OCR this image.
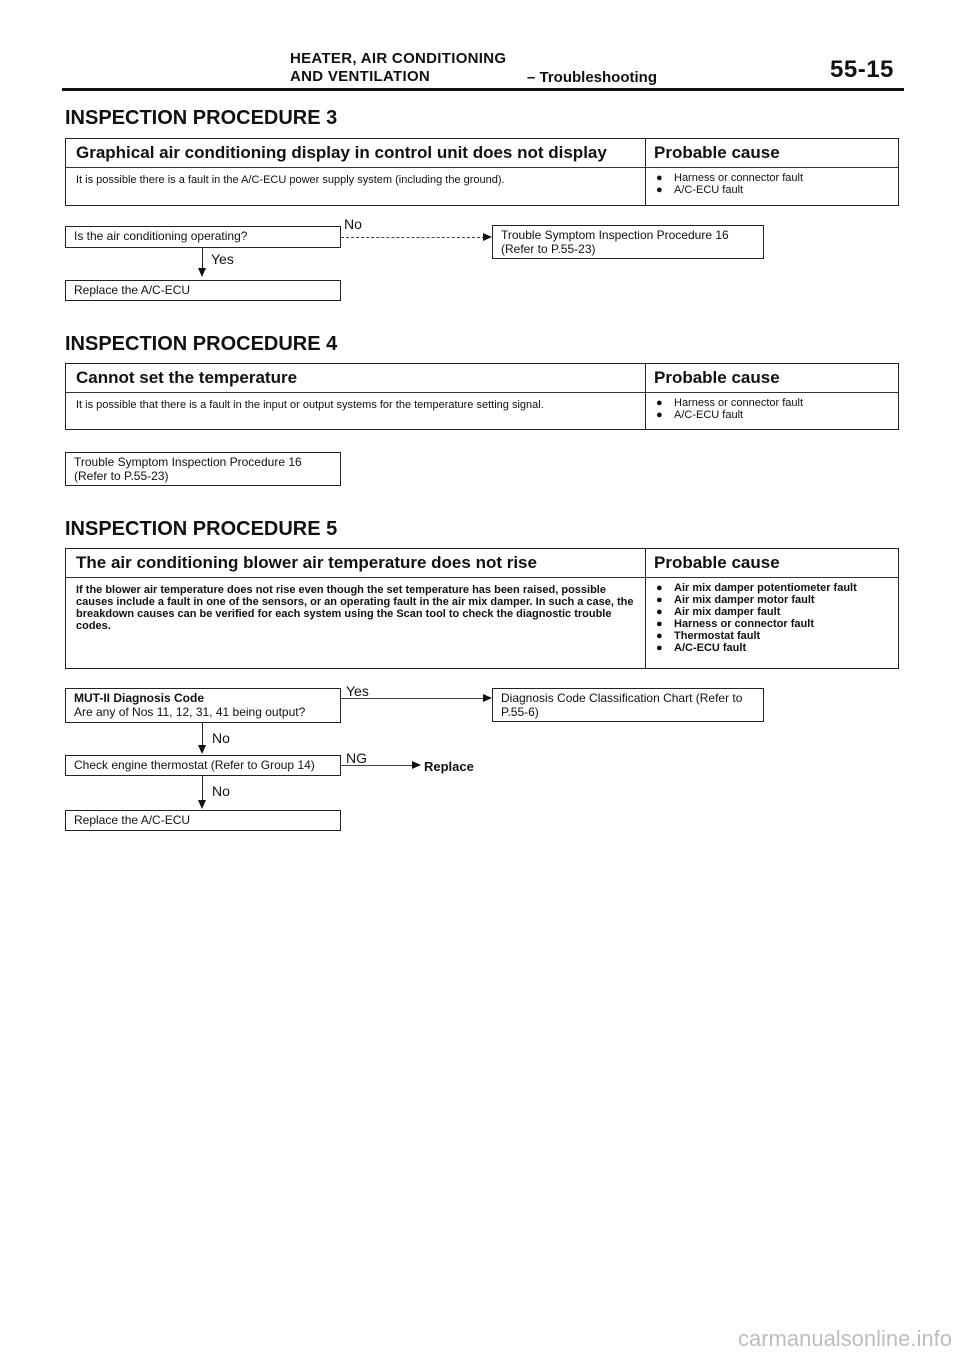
HEATER, AIR CONDITIONING
AND VENTILATION	– Troubleshooting	55-15
INSPECTION PROCEDURE 3
Graphical air conditioning display in control unit does not display	Probable cause
It is possible there is a fault in the A/C-ECU power supply system (including the ground).	●	Harness or connector fault
●	A/C-ECU fault
Is the air conditioning operating?
No
Trouble Symptom Inspection Procedure 16
(Refer to P.55-23)
Yes
Replace the A/C-ECU
INSPECTION PROCEDURE 4
Cannot set the temperature	Probable cause
It is possible that there is a fault in the input or output systems for the temperature setting signal.	●	Harness or connector fault
●	A/C-ECU fault
Trouble Symptom Inspection Procedure 16
(Refer to P.55-23)
INSPECTION PROCEDURE 5
The air conditioning blower air temperature does not rise	Probable cause
If the blower air temperature does not rise even though the set temperature has been raised, possible causes include a fault in one of the sensors, or an operating fault in the air mix damper. In such a case, the breakdown causes can be verified for each system using the Scan tool to check the diagnostic trouble codes.
●	Air mix damper potentiometer fault
●	Air mix damper motor fault
●	Air mix damper fault
●	Harness or connector fault
●	Thermostat fault
●	A/C-ECU fault
MUT-II Diagnosis Code
Are any of Nos 11, 12, 31, 41 being output?
Yes	Diagnosis Code Classification Chart (Refer to
P.55-6)
No
Check engine thermostat (Refer to Group 14)	NG
Replace
No
Replace the A/C-ECU
carmanualsonline.info
